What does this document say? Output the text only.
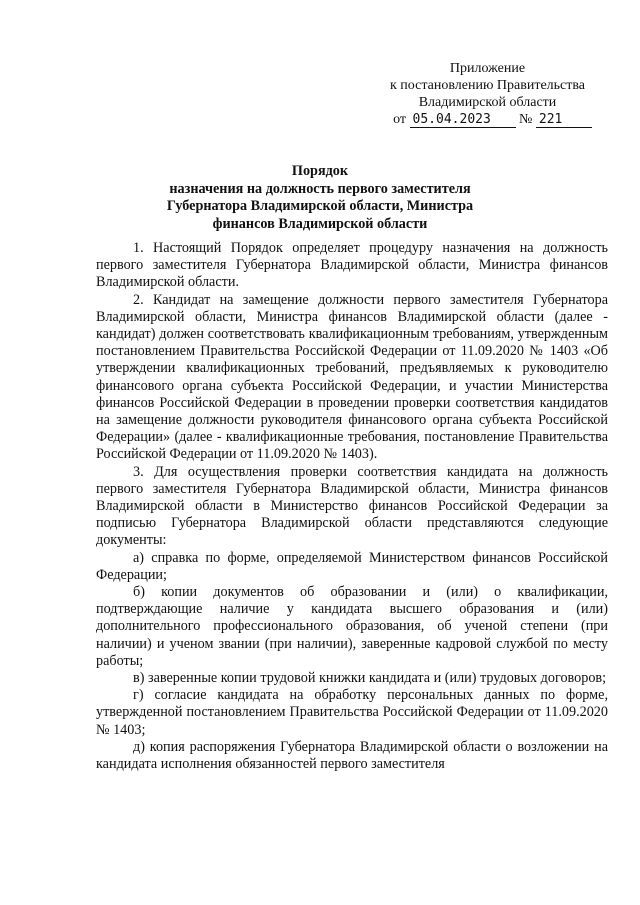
Приложение
к постановлению Правительства
Владимирской области
от 05.04.2023 № 221
Порядок
назначения на должность первого заместителя
Губернатора Владимирской области, Министра
финансов Владимирской области

1. Настоящий Порядок определяет процедуру назначения на должность первого заместителя Губернатора Владимирской области, Министра финансов Владимирской области.

2. Кандидат на замещение должности первого заместителя Губернатора Владимирской области, Министра финансов Владимирской области (далее - кандидат) должен соответствовать квалификационным требованиям, утвержденным постановлением Правительства Российской Федерации от 11.09.2020 № 1403 «Об утверждении квалификационных требований, предъявляемых к руководителю финансового органа субъекта Российской Федерации, и участии Министерства финансов Российской Федерации в проведении проверки соответствия кандидатов на замещение должности руководителя финансового органа субъекта Российской Федерации» (далее - квалификационные требования, постановление Правительства Российской Федерации от 11.09.2020 № 1403).

3. Для осуществления проверки соответствия кандидата на должность первого заместителя Губернатора Владимирской области, Министра финансов Владимирской области в Министерство финансов Российской Федерации за подписью Губернатора Владимирской области представляются следующие документы:

а) справка по форме, определяемой Министерством финансов Российской Федерации;

б) копии документов об образовании и (или) о квалификации, подтверждающие наличие у кандидата высшего образования и (или) дополнительного профессионального образования, об ученой степени (при наличии) и ученом звании (при наличии), заверенные кадровой службой по месту работы;

в) заверенные копии трудовой книжки кандидата и (или) трудовых договоров;

г) согласие кандидата на обработку персональных данных по форме, утвержденной постановлением Правительства Российской Федерации от 11.09.2020 № 1403;

д) копия распоряжения Губернатора Владимирской области о возложении на кандидата исполнения обязанностей первого заместителя
